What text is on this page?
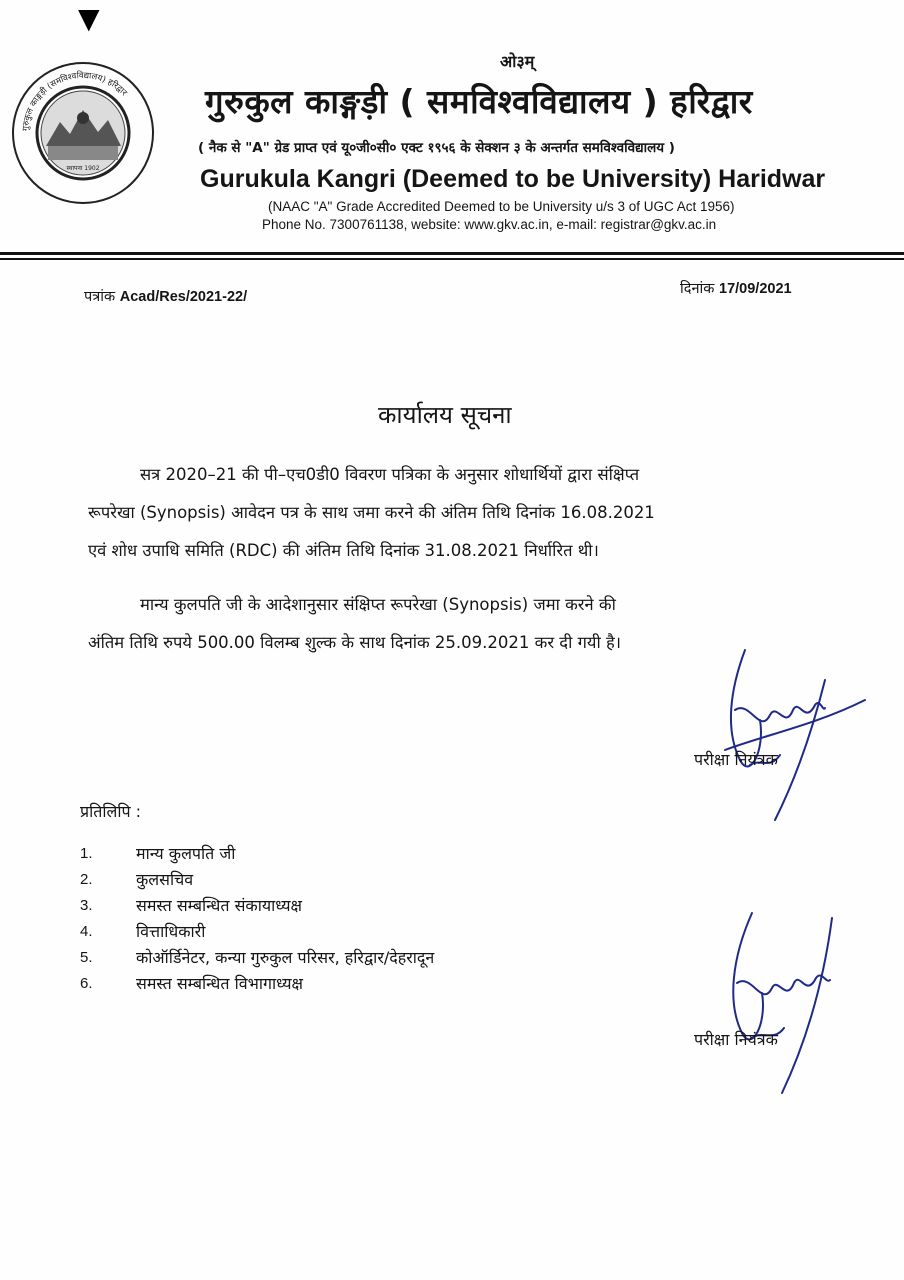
▼
गुरुकुल काङ्गड़ी (समविश्वविद्यालय) हरिद्वार
स्थापना 1902
ओ३म्
गुरुकुल काङ्गड़ी ( समविश्वविद्यालय ) हरिद्वार
( नैक से "A" ग्रेड प्राप्त एवं यू०जी०सी० एक्ट १९५६ के सेक्शन ३ के अन्तर्गत समविश्वविद्यालय )
Gurukula Kangri (Deemed to be University) Haridwar
(NAAC "A" Grade Accredited Deemed to be University u/s 3 of UGC Act 1956)
Phone No. 7300761138, website: www.gkv.ac.in, e-mail: registrar@gkv.ac.in
पत्रांक Acad/Res/2021-22/	दिनांक 17/09/2021
कार्यालय सूचना
सत्र 2020–21 की पी–एच0डी0 विवरण पत्रिका के अनुसार शोधार्थियों द्वारा संक्षिप्त
रूपरेखा (Synopsis) आवेदन पत्र के साथ जमा करने की अंतिम तिथि दिनांक 16.08.2021
एवं शोध उपाधि समिति (RDC) की अंतिम तिथि दिनांक 31.08.2021 निर्धारित थी।
मान्य कुलपति जी के आदेशानुसार संक्षिप्त रूपरेखा (Synopsis) जमा करने की
अंतिम तिथि रुपये 500.00 विलम्ब शुल्क के साथ दिनांक 25.09.2021 कर दी गयी है।
परीक्षा नियंत्रक
प्रतिलिपि :
1.	मान्य कुलपति जी
2.	कुलसचिव
3.	समस्त सम्बन्धित संकायाध्यक्ष
4.	वित्ताधिकारी
5.	कोऑर्डिनेटर, कन्या गुरुकुल परिसर, हरिद्वार/देहरादून
6.	समस्त सम्बन्धित विभागाध्यक्ष
परीक्षा नियंत्रक
